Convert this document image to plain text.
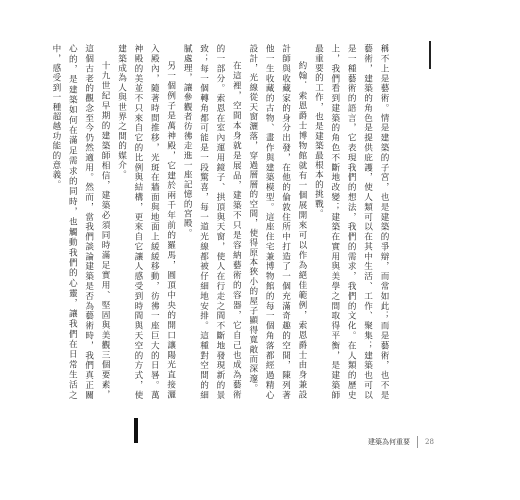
稱不上是藝術。情是建築的子宮，也是建築的爭辯，而常如此；而是藝術，也不是藝術，建築的角色是提供庇護，使人類可以在其中生活、工作、聚集；建築也可以是一種藝術的語言，它表現我們的想法，我們的需求，我們的文化。在人類的歷史上，我們看到建築的角色不斷地改變；建築在實用與美學之間取得平衡，是建築師最重要的工作，也是建築最根本的挑戰。

約翰．索恩爵士博物館就有一個展開來可以作為絕佳範例，索恩爵士由身兼設計師與收藏家的身分出發，在他的倫敦住所中打造了一個充滿奇趣的空間，陳列著他一生收藏的古物、畫作與建築模型。這座住宅兼博物館的每一個角落都經過精心設計，光線從天窗灑落，穿過層層的空間，使得原本狹小的屋子顯得寬敞而深邃。

在這裡，空間本身就是展品，建築不只是容納藝術的容器，它自己也成為藝術的一部分。索恩在室內運用鏡子、拱頂與天窗，使人在行走之間不斷地發現新的景致；每一個轉角都可能是一段驚喜，每一道光線都被仔細地安排。這種對空間的細膩處理，讓參觀者彷彿走進一座記憶的宮殿。

另一個例子是萬神殿，它建於兩千年前的羅馬，圓頂中央的開口讓陽光直接灑入殿內，隨著時間推移，光斑在牆面與地面上緩緩移動，彷彿一座巨大的日晷。萬神殿的美並不只來自它的比例與結構，更來自它讓人感受到時間與天空的方式，使建築成為人與世界之間的媒介。

十九世紀早期的建築師相信，建築必須同時滿足實用、堅固與美觀三個要素，這個古老的觀念至今仍然適用。然而，當我們談論建築是否為藝術時，我們真正關心的，是建築如何在滿足需求的同時，也觸動我們的心靈，讓我們在日常生活之中，感受到一種超越功能的意義。

建築為何重要 28
